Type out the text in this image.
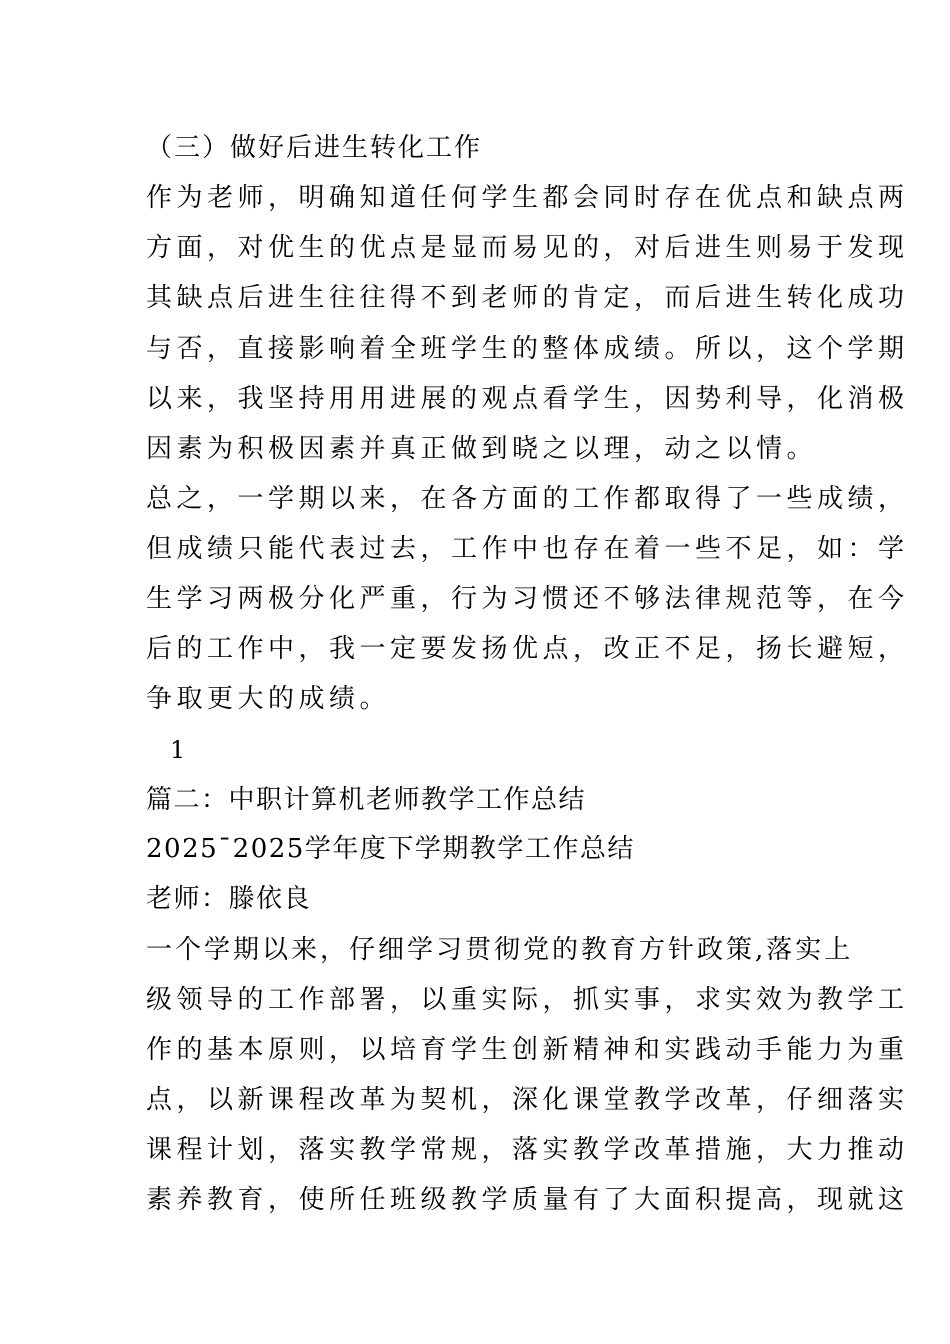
（三）做好后进生转化工作
作为老师，明确知道任何学生都会同时存在优点和缺点两
方面，对优生的优点是显而易见的，对后进生则易于发现
其缺点后进生往往得不到老师的肯定，而后进生转化成功
与否，直接影响着全班学生的整体成绩。所以，这个学期
以来，我坚持用用进展的观点看学生，因势利导，化消极
因素为积极因素并真正做到晓之以理，动之以情。
总之，一学期以来，在各方面的工作都取得了一些成绩，
但成绩只能代表过去，工作中也存在着一些不足，如：学
生学习两极分化严重，行为习惯还不够法律规范等，在今
后的工作中，我一定要发扬优点，改正不足，扬长避短，
争取更大的成绩。
1
篇二：中职计算机老师教学工作总结
2025¯2025学年度下学期教学工作总结
老师：滕依良
一个学期以来，仔细学习贯彻党的教育方针政策,落实上
级领导的工作部署，以重实际，抓实事，求实效为教学工
作的基本原则，以培育学生创新精神和实践动手能力为重
点，以新课程改革为契机，深化课堂教学改革，仔细落实
课程计划，落实教学常规，落实教学改革措施，大力推动
素养教育，使所任班级教学质量有了大面积提高，现就这
